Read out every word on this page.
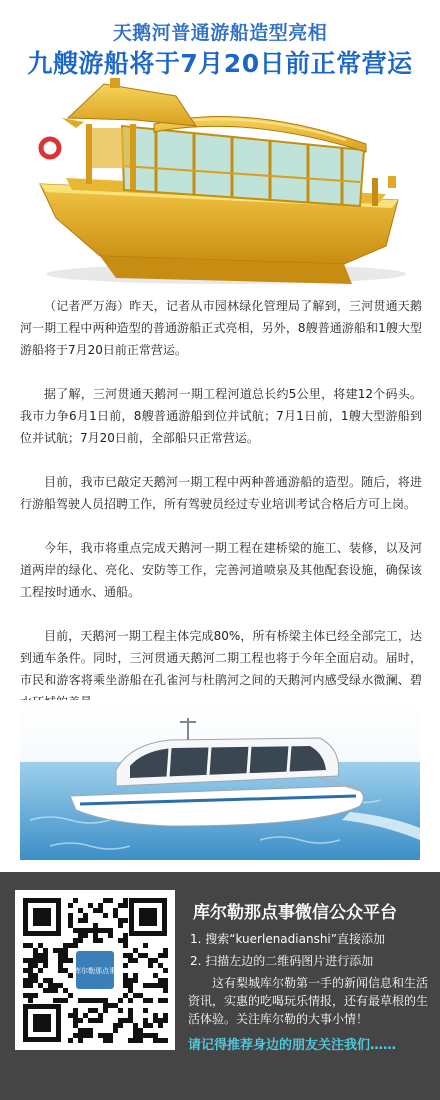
天鹅河普通游船造型亮相
九艘游船将于7月20日前正常营运

（记者严万海）昨天，记者从市园林绿化管理局了解到，三河贯通天鹅河一期工程中两种造型的普通游船正式亮相，另外，8艘普通游船和1艘大型游船将于7月20日前正常营运。

据了解，三河贯通天鹅河一期工程河道总长约5公里，将建12个码头。我市力争6月1日前，8艘普通游船到位并试航；7月1日前，1艘大型游船到位并试航；7月20日前，全部船只正常营运。

目前，我市已敲定天鹅河一期工程中两种普通游船的造型。随后，将进行游船驾驶人员招聘工作，所有驾驶员经过专业培训考试合格后方可上岗。

今年，我市将重点完成天鹅河一期工程在建桥梁的施工、装修，以及河道两岸的绿化、亮化、安防等工作，完善河道喷泉及其他配套设施，确保该工程按时通水、通船。

目前，天鹅河一期工程主体完成80%，所有桥梁主体已经全部完工，达到通车条件。同时，三河贯通天鹅河二期工程也将于今年全面启动。届时，市民和游客将乘坐游船在孔雀河与杜鹃河之间的天鹅河内感受绿水微澜、碧

库尔勒那点事
库尔勒那点事微信公众平台
1. 搜索“kuerlenadianshi”直接添加
2. 扫描左边的二维码图片进行添加
这有梨城库尔勒第一手的新闻信息和生活资讯，实惠的吃喝玩乐情报，还有最草根的生活体验。关注库尔勒的大事小情！
请记得推荐身边的朋友关注我们……
